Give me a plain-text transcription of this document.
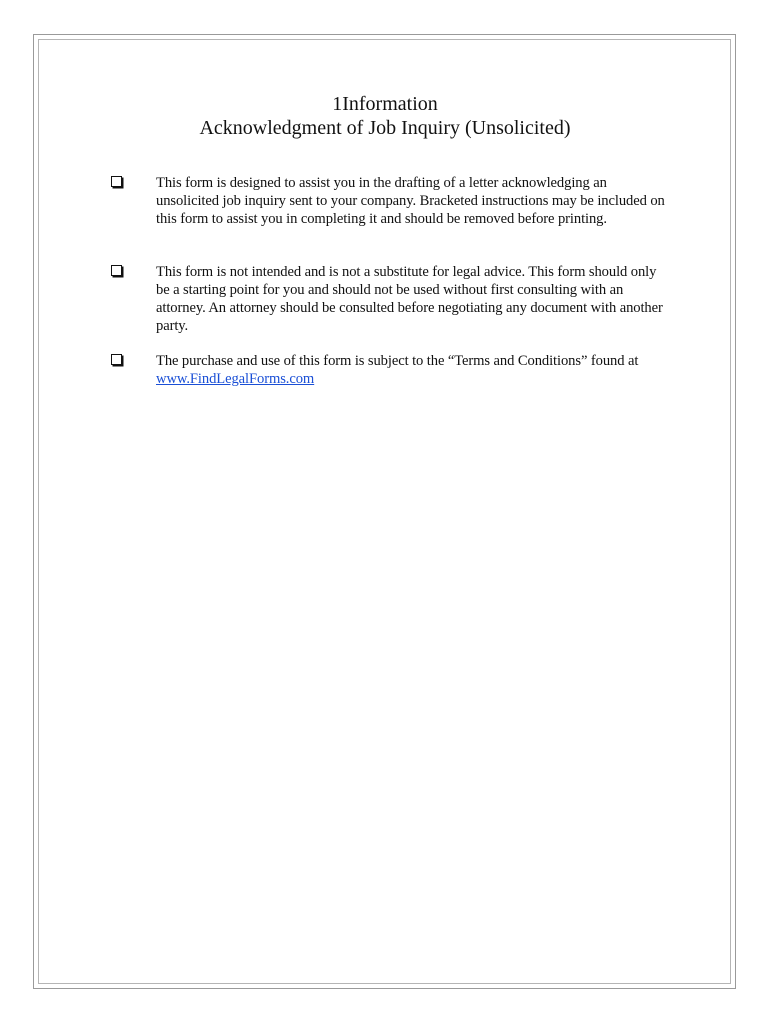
1Information
Acknowledgment of Job Inquiry (Unsolicited)
This form is designed to assist you in the drafting of a letter acknowledging an unsolicited job inquiry sent to your company. Bracketed instructions may be included on this form to assist you in completing it and should be removed before printing.
This form is not intended and is not a substitute for legal advice. This form should only be a starting point for you and should not be used without first consulting with an attorney. An attorney should be consulted before negotiating any document with another party.
The purchase and use of this form is subject to the “Terms and Conditions” found at www.FindLegalForms.com
